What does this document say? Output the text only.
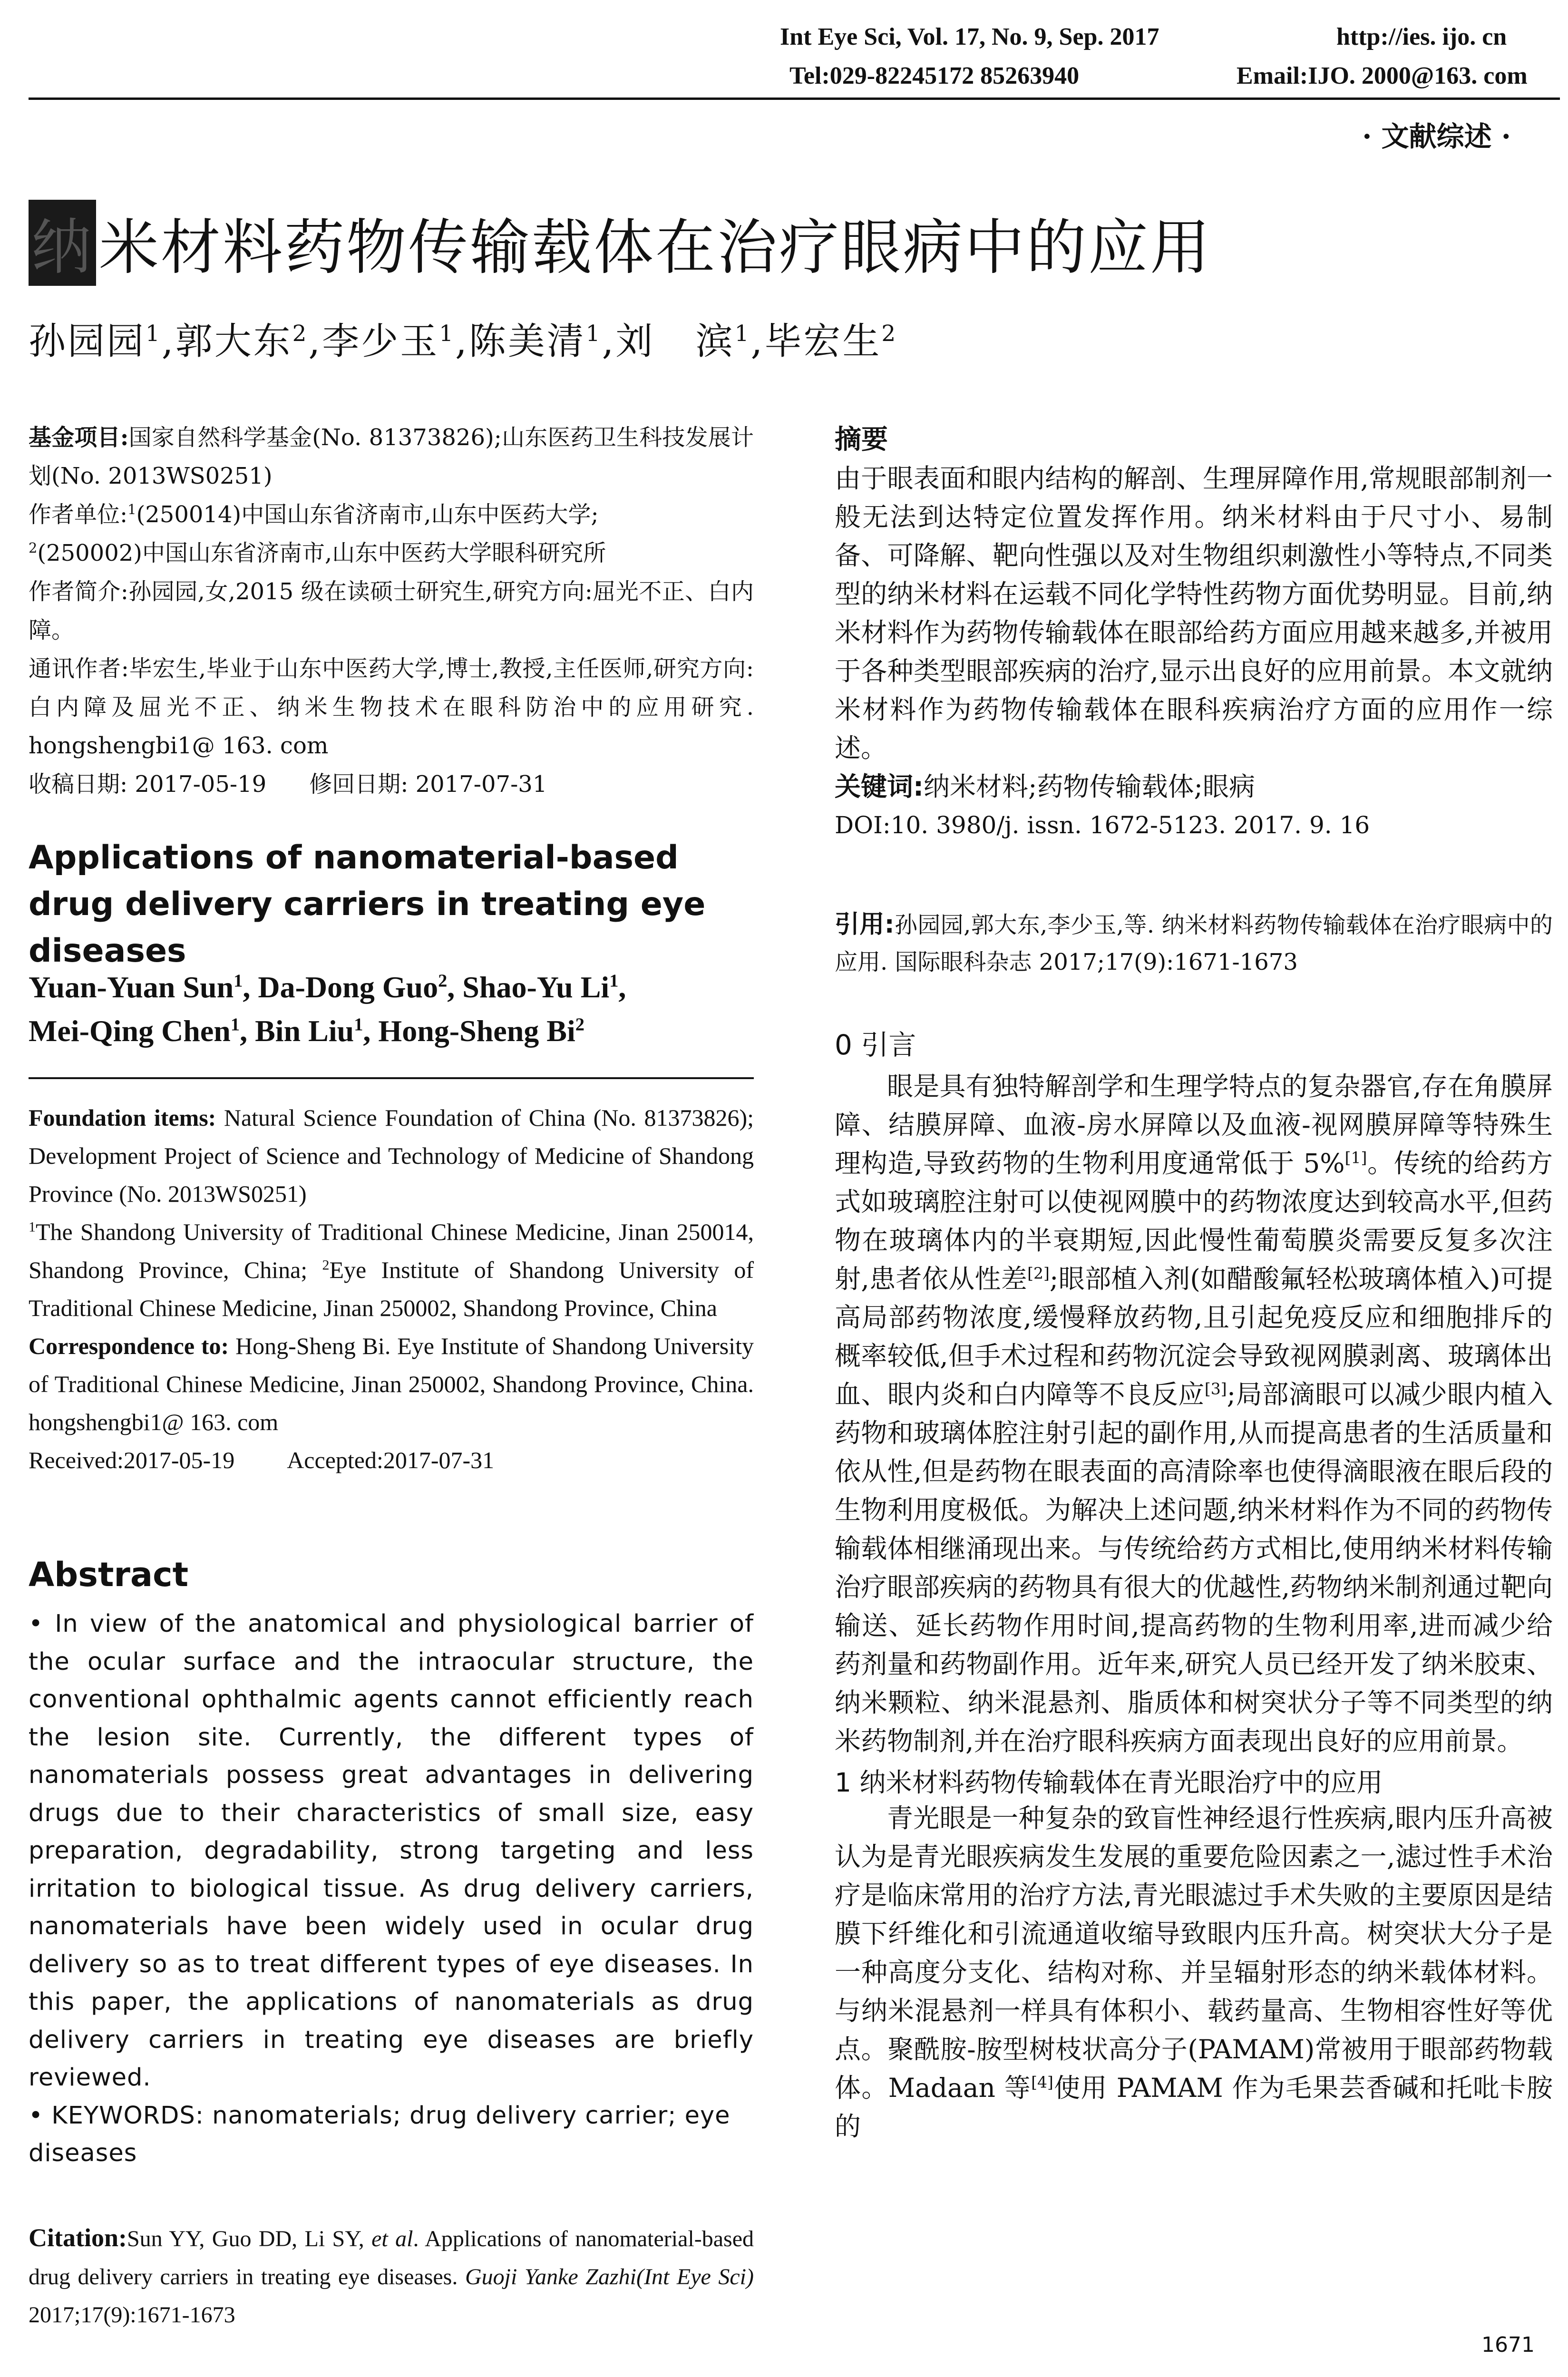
Int Eye Sci, Vol. 17, No. 9, Sep. 2017	http://ies. ijo. cn
Tel:029-82245172 85263940	Email:IJO. 2000@163. com
· 文献综述 ·
纳米材料药物传输载体在治疗眼病中的应用
孙园园$^1$,郭大东$^2$,李少玉$^1$,陈美清$^1$,刘   滨$^1$,毕宏生$^2$
基金项目:国家自然科学基金(No. 81373826);山东医药卫生科技发展计划(No. 2013WS0251)
作者单位:$^1$(250014)中国山东省济南市,山东中医药大学;
$^2$(250002)中国山东省济南市,山东中医药大学眼科研究所
作者简介:孙园园,女,2015 级在读硕士研究生,研究方向:屈光不正、白内障。
通讯作者:毕宏生,毕业于山东中医药大学,博士,教授,主任医师,研究方向:白内障及屈光不正、纳米生物技术在眼科防治中的应用研究. hongshengbi1@ 163. com
收稿日期: 2017-05-19 修回日期: 2017-07-31
Applications of nanomaterial-based drug delivery carriers in treating eye diseases
Yuan-Yuan Sun$^1$, Da-Dong Guo$^2$, Shao-Yu Li$^1$,
Mei-Qing Chen$^1$, Bin Liu$^1$, Hong-Sheng Bi$^2$
Foundation items: Natural Science Foundation of China (No. 81373826); Development Project of Science and Technology of Medicine of Shandong Province (No. 2013WS0251)
$^1$The Shandong University of Traditional Chinese Medicine, Jinan 250014, Shandong Province, China; $^2$Eye Institute of Shandong University of Traditional Chinese Medicine, Jinan 250002, Shandong Province, China
Correspondence to: Hong-Sheng Bi. Eye Institute of Shandong University of Traditional Chinese Medicine, Jinan 250002, Shandong Province, China. hongshengbi1@ 163. com
Received:2017-05-19 Accepted:2017-07-31
Abstract
• In view of the anatomical and physiological barrier of the ocular surface and the intraocular structure, the conventional ophthalmic agents cannot efficiently reach the lesion site. Currently, the different types of nanomaterials possess great advantages in delivering drugs due to their characteristics of small size, easy preparation, degradability, strong targeting and less irritation to biological tissue. As drug delivery carriers, nanomaterials have been widely used in ocular drug delivery so as to treat different types of eye diseases. In this paper, the applications of nanomaterials as drug delivery carriers in treating eye diseases are briefly reviewed.
• KEYWORDS: nanomaterials; drug delivery carrier; eye diseases
Citation:Sun YY, Guo DD, Li SY, et al. Applications of nanomaterial-based drug delivery carriers in treating eye diseases. Guoji Yanke Zazhi(Int Eye Sci) 2017;17(9):1671-1673
摘要
由于眼表面和眼内结构的解剖、生理屏障作用,常规眼部制剂一般无法到达特定位置发挥作用。纳米材料由于尺寸小、易制备、可降解、靶向性强以及对生物组织刺激性小等特点,不同类型的纳米材料在运载不同化学特性药物方面优势明显。目前,纳米材料作为药物传输载体在眼部给药方面应用越来越多,并被用于各种类型眼部疾病的治疗,显示出良好的应用前景。本文就纳米材料作为药物传输载体在眼科疾病治疗方面的应用作一综述。
关键词:纳米材料;药物传输载体;眼病
DOI:10. 3980/j. issn. 1672-5123. 2017. 9. 16
引用:孙园园,郭大东,李少玉,等. 纳米材料药物传输载体在治疗眼病中的应用. 国际眼科杂志 2017;17(9):1671-1673
0 引言
眼是具有独特解剖学和生理学特点的复杂器官,存在角膜屏障、结膜屏障、血液-房水屏障以及血液-视网膜屏障等特殊生理构造,导致药物的生物利用度通常低于 5%[1]。传统的给药方式如玻璃腔注射可以使视网膜中的药物浓度达到较高水平,但药物在玻璃体内的半衰期短,因此慢性葡萄膜炎需要反复多次注射,患者依从性差[2];眼部植入剂(如醋酸氟轻松玻璃体植入)可提高局部药物浓度,缓慢释放药物,且引起免疫反应和细胞排斥的概率较低,但手术过程和药物沉淀会导致视网膜剥离、玻璃体出血、眼内炎和白内障等不良反应[3];局部滴眼可以减少眼内植入药物和玻璃体腔注射引起的副作用,从而提高患者的生活质量和依从性,但是药物在眼表面的高清除率也使得滴眼液在眼后段的生物利用度极低。为解决上述问题,纳米材料作为不同的药物传输载体相继涌现出来。与传统给药方式相比,使用纳米材料传输治疗眼部疾病的药物具有很大的优越性,药物纳米制剂通过靶向输送、延长药物作用时间,提高药物的生物利用率,进而减少给药剂量和药物副作用。近年来,研究人员已经开发了纳米胶束、纳米颗粒、纳米混悬剂、脂质体和树突状分子等不同类型的纳米药物制剂,并在治疗眼科疾病方面表现出良好的应用前景。
1 纳米材料药物传输载体在青光眼治疗中的应用
青光眼是一种复杂的致盲性神经退行性疾病,眼内压升高被认为是青光眼疾病发生发展的重要危险因素之一,滤过性手术治疗是临床常用的治疗方法,青光眼滤过手术失败的主要原因是结膜下纤维化和引流通道收缩导致眼内压升高。树突状大分子是一种高度分支化、结构对称、并呈辐射形态的纳米载体材料。与纳米混悬剂一样具有体积小、载药量高、生物相容性好等优点。聚酰胺-胺型树枝状高分子(PAMAM)常被用于眼部药物载体。Madaan 等[4]使用 PAMAM 作为毛果芸香碱和托吡卡胺的
1671
